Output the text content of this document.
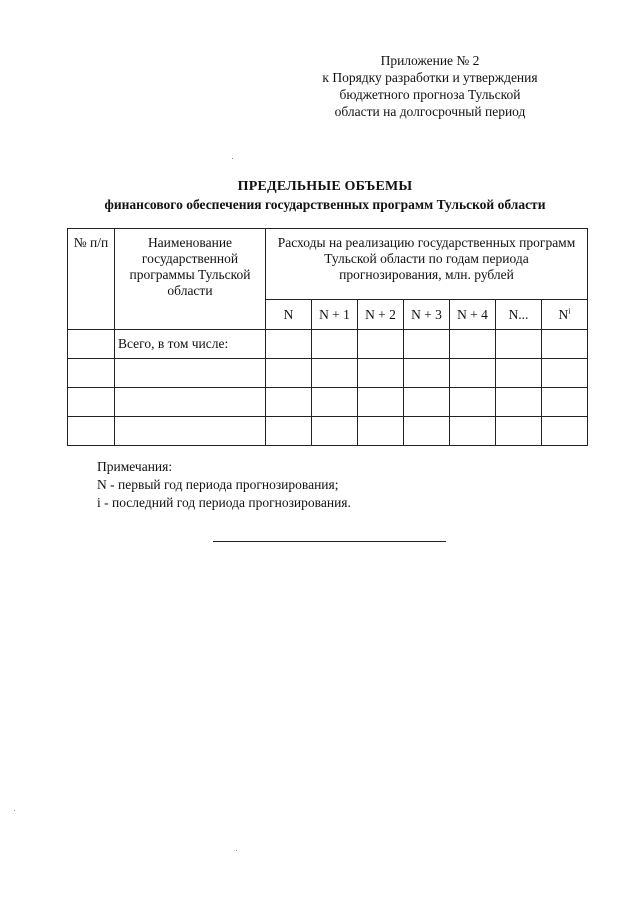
Приложение № 2
к Порядку разработки и утверждения
бюджетного прогноза Тульской
области на долгосрочный период
ПРЕДЕЛЬНЫЕ ОБЪЕМЫ
финансового обеспечения государственных программ Тульской области
№ п/п	Наименование государственной программы Тульской области	Расходы на реализацию государственных программ Тульской области по годам периода прогнозирования, млн. рублей						

		N	N + 1	N + 2	N + 3	N + 4	N...	$N^i$
	Всего, в том числе:							

Примечания:
N - первый год периода прогнозирования;
i - последний год периода прогнозирования.
